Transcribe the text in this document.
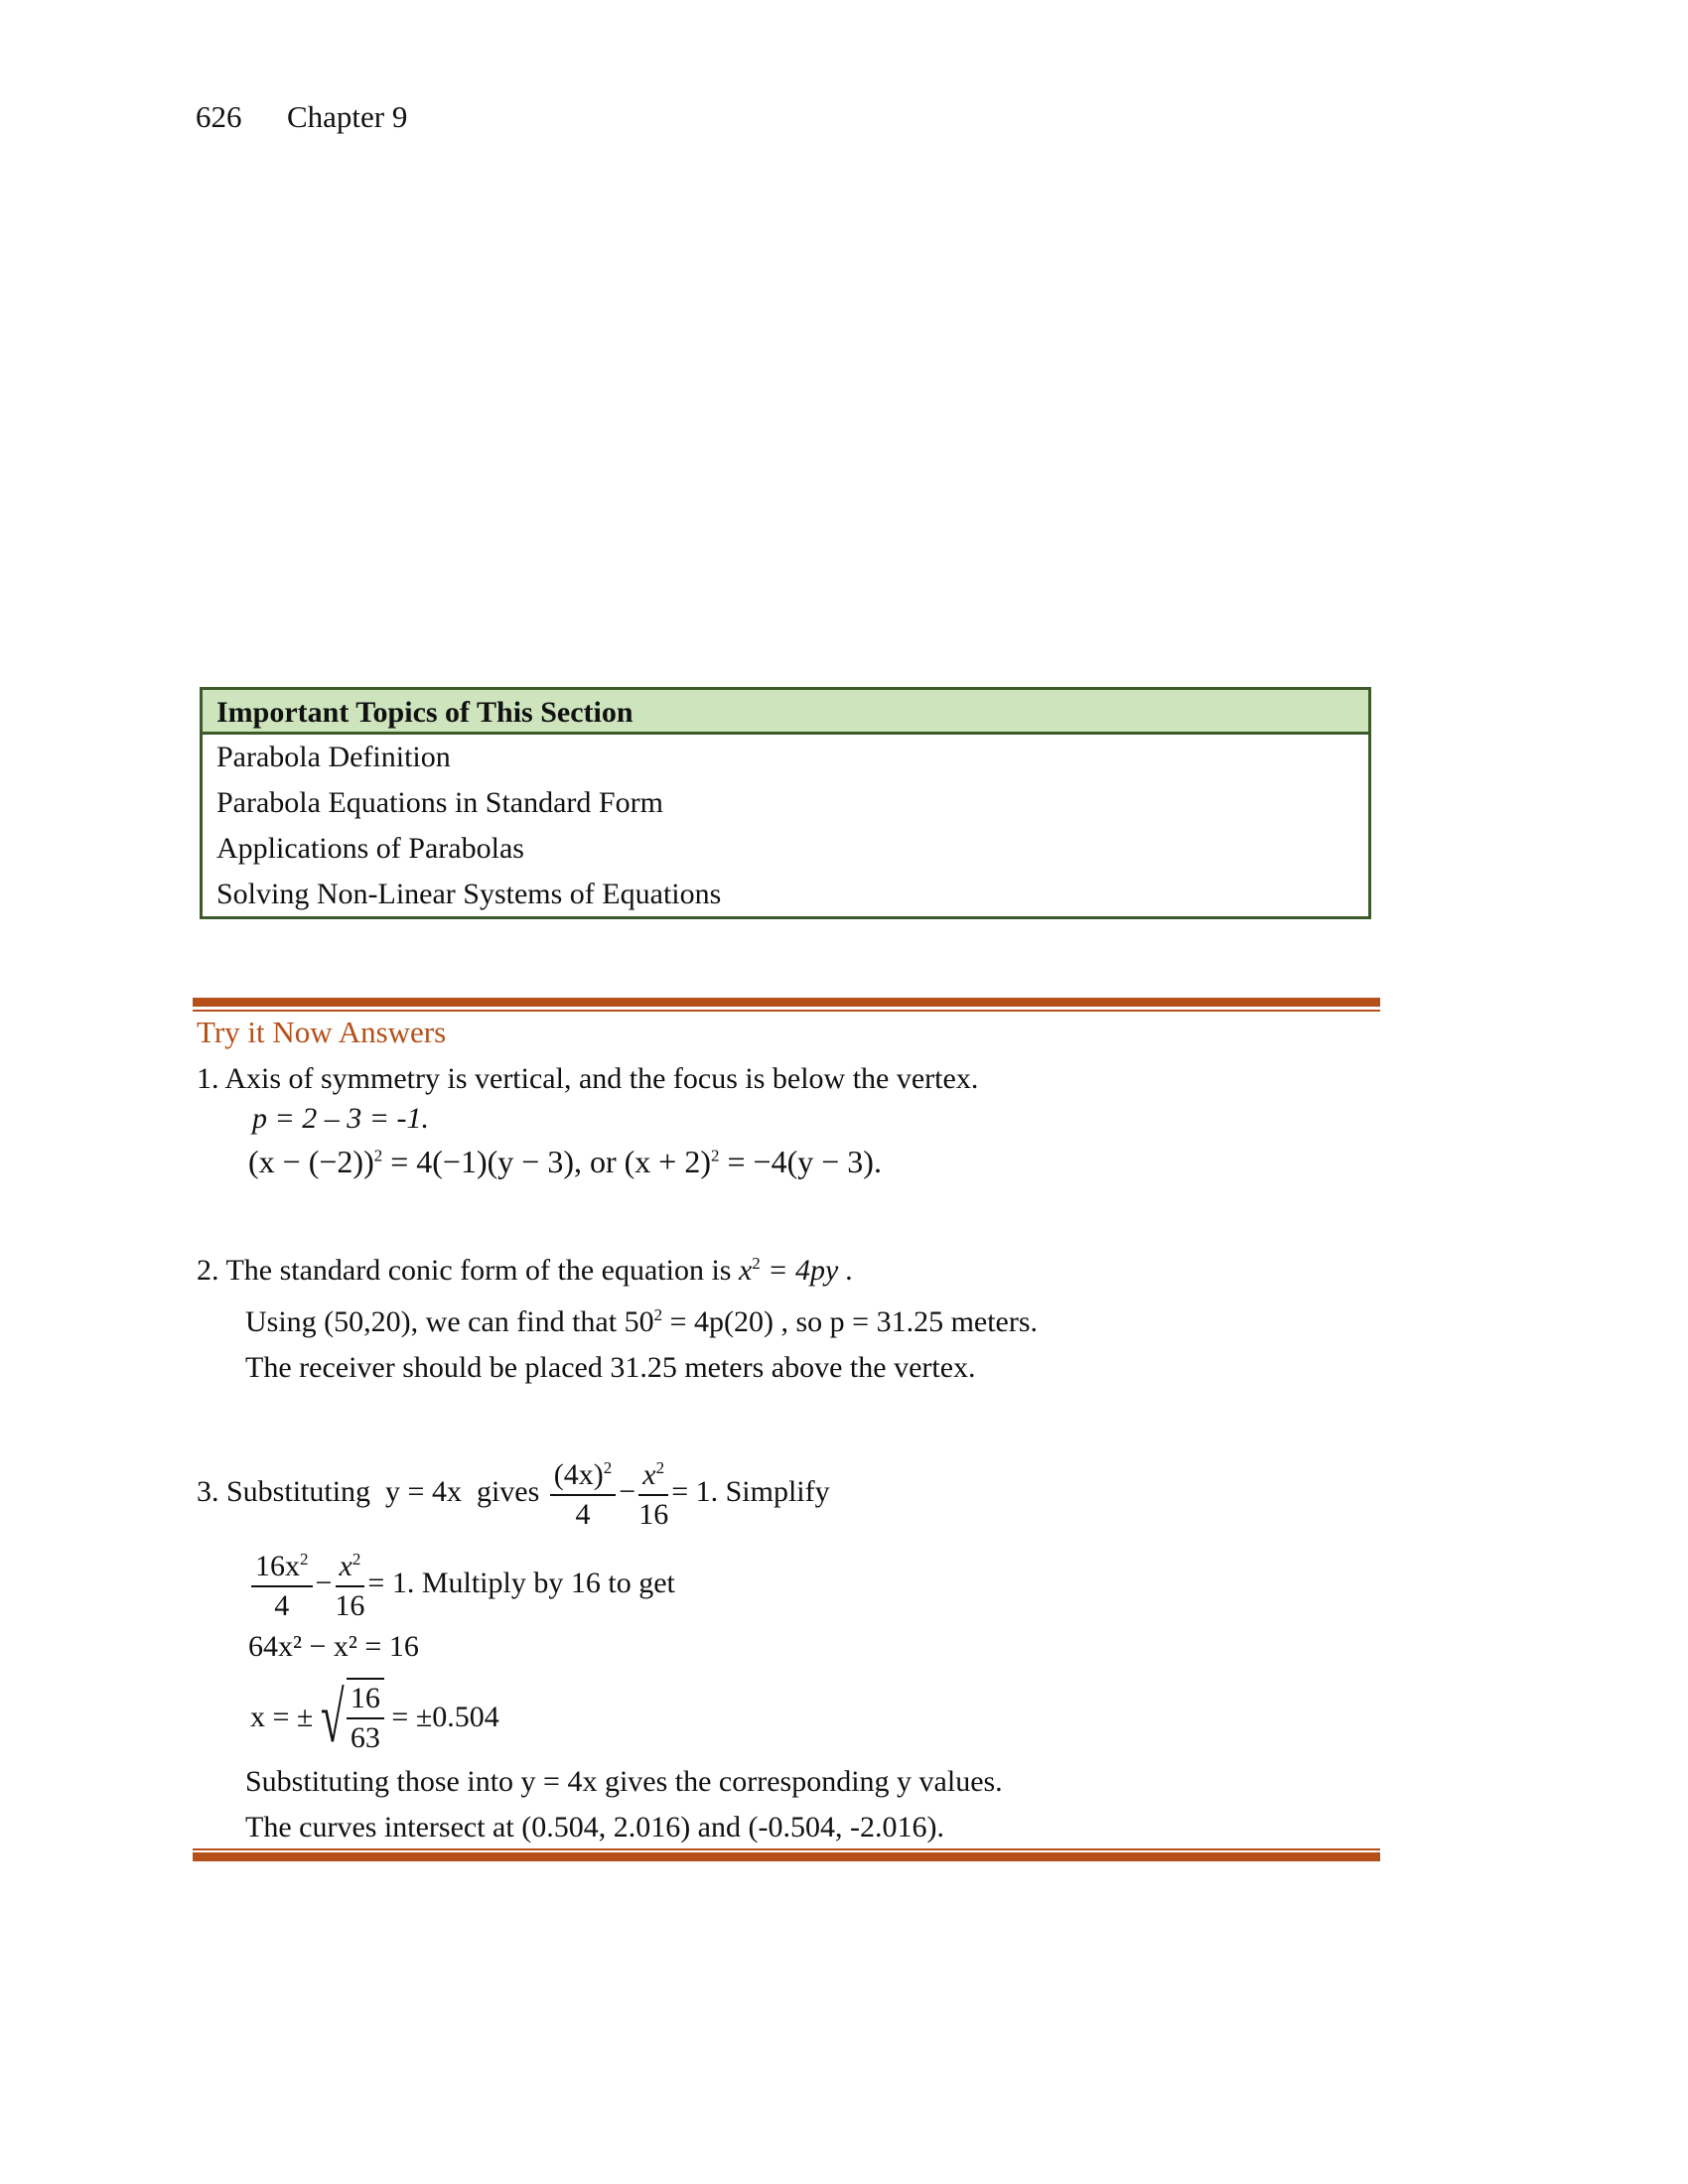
626 Chapter 9
Important Topics of This Section
Parabola Definition
Parabola Equations in Standard Form
Applications of Parabolas
Solving Non-Linear Systems of Equations
Try it Now Answers
1. Axis of symmetry is vertical, and the focus is below the vertex.
p = 2 – 3 = -1.
$(x - (-2))^2 = 4(-1)(y - 3)$, or $(x + 2)^2 = -4(y - 3)$.
2. The standard conic form of the equation is $x^2 = 4py$ .
Using (50,20), we can find that $50^2 = 4p(20)$ , so p = 31.25 meters.
The receiver should be placed 31.25 meters above the vertex.
3. Substituting  y = 4x  gives $\frac{(4x)^2}{4} - \frac{x^2}{16} = 1$. Simplify
$\frac{16x^2}{4} - \frac{x^2}{16} = 1$. Multiply by 16 to get
64x² − x² = 16
x = ± √ $\frac{16}{63} = \pm 0.504$
Substituting those into y = 4x gives the corresponding y values.
The curves intersect at (0.504, 2.016) and (-0.504, -2.016).
